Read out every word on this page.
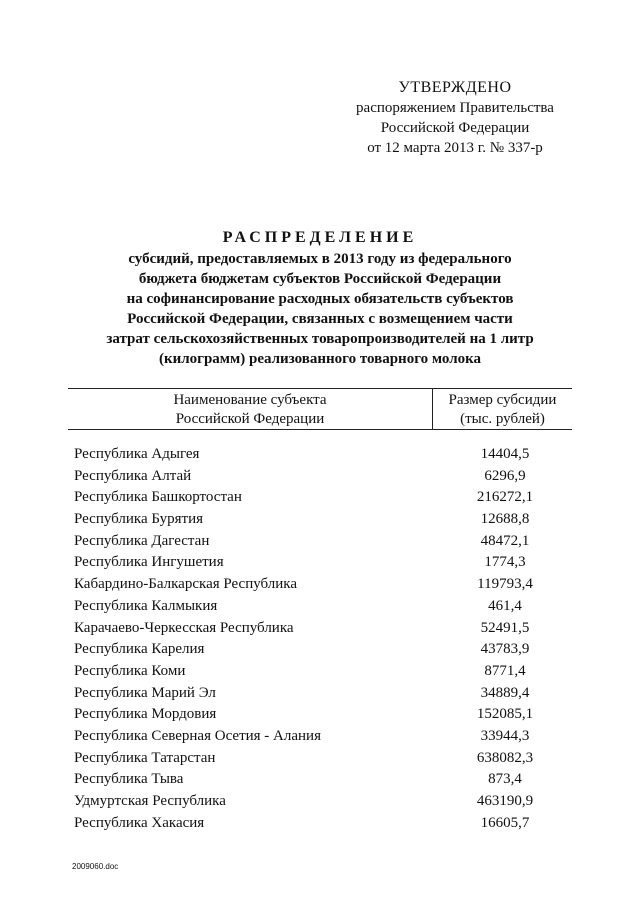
УТВЕРЖДЕНО
распоряжением Правительства
Российской Федерации
от 12 марта 2013 г. № 337-р
РАСПРЕДЕЛЕНИЕ
субсидий, предоставляемых в 2013 году из федерального
бюджета бюджетам субъектов Российской Федерации
на софинансирование расходных обязательств субъектов
Российской Федерации, связанных с возмещением части
затрат сельскохозяйственных товаропроизводителей на 1 литр
(килограмм) реализованного товарного молока
Наименование субъекта
Российской Федерации
Размер субсидии
(тыс. рублей)
Республика Адыгея	14404,5
Республика Алтай	6296,9
Республика Башкортостан	216272,1
Республика Бурятия	12688,8
Республика Дагестан	48472,1
Республика Ингушетия	1774,3
Кабардино-Балкарская Республика	119793,4
Республика Калмыкия	461,4
Карачаево-Черкесская Республика	52491,5
Республика Карелия	43783,9
Республика Коми	8771,4
Республика Марий Эл	34889,4
Республика Мордовия	152085,1
Республика Северная Осетия - Алания	33944,3
Республика Татарстан	638082,3
Республика Тыва	873,4
Удмуртская Республика	463190,9
Республика Хакасия	16605,7
2009060.doc
